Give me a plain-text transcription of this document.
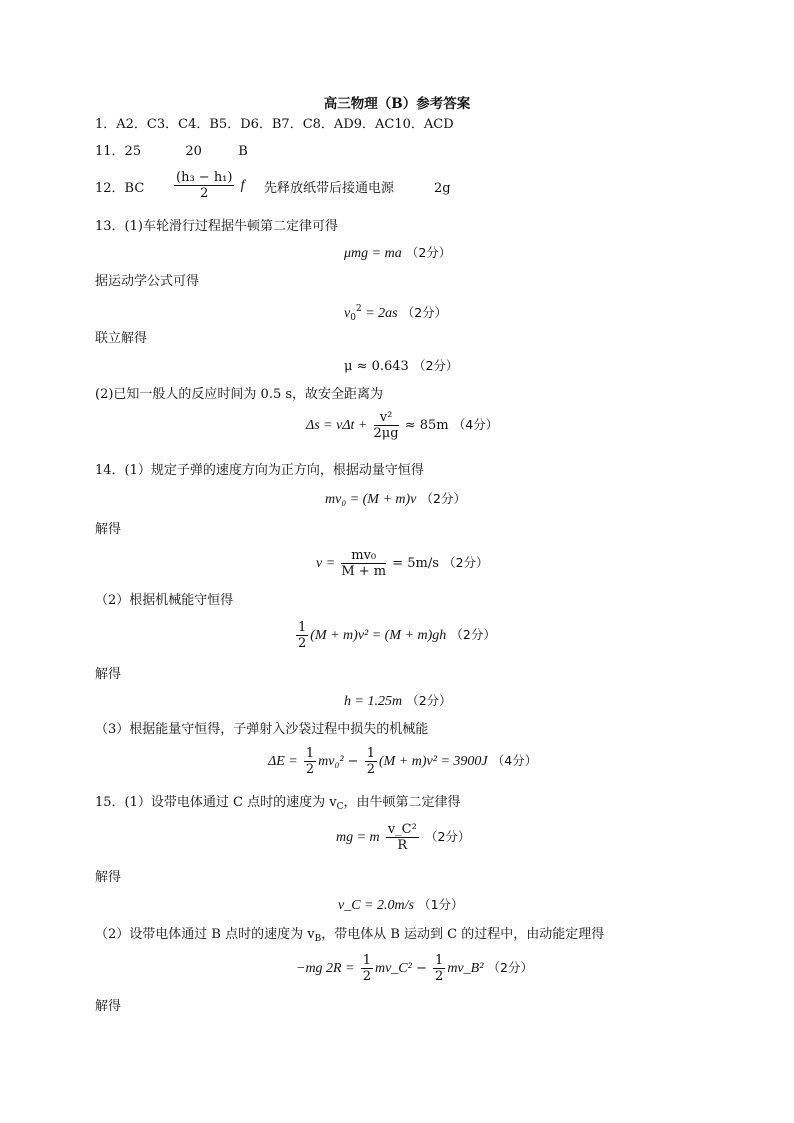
高三物理（B）参考答案
1．A2．C3．C4．B5．D6．B7．C8．AD9．AC10．ACD
11．25	20	B
12．BC $\frac{\text{(h₃ − h₁)}}{2}$ f 先释放纸带后接通电源	2g
13．(1)车轮滑行过程据牛顿第二定律可得
μmg = ma （2分）
据运动学公式可得
$v_0^2 = 2as$ （2分）
联立解得
μ ≈ 0.643 （2分）
(2)已知一般人的反应时间为 0.5 s，故安全距离为
$\Delta s = v\Delta t + \frac{\text{v²}}{2\mu g} \approx 85m$ （4分）
14．(1）规定子弹的速度方向为正方向，根据动量守恒得
mv₀ = (M + m)v （2分）
解得
$v = \frac{\text{mv₀}}{M + m} = 5m/s$ （2分）
（2）根据机械能守恒得
$\frac{1}{2} (M + m)v^2 = (M + m)gh$ （2分）
解得
h = 1.25m （2分）
（3）根据能量守恒得，子弹射入沙袋过程中损失的机械能
$\Delta E = \frac{1}{2} mv_0^2 - \frac{1}{2} (M + m)v^2 = 3900J$ （4分）
15．(1）设带电体通过 C 点时的速度为 $v_C$，由牛顿第二定律得
mg = m $\frac{\text{v\_C²}}{R} (2$分）
解得
v_C = 2.0m/s （1分）
（2）设带电体通过 B 点时的速度为 $v_B$，带电体从 B 运动到 C 的过程中，由动能定理得
−mg $2R = \frac{1}{2}$ mv_C² − $\frac{1}{2}$ mv_B² （2分）
解得
